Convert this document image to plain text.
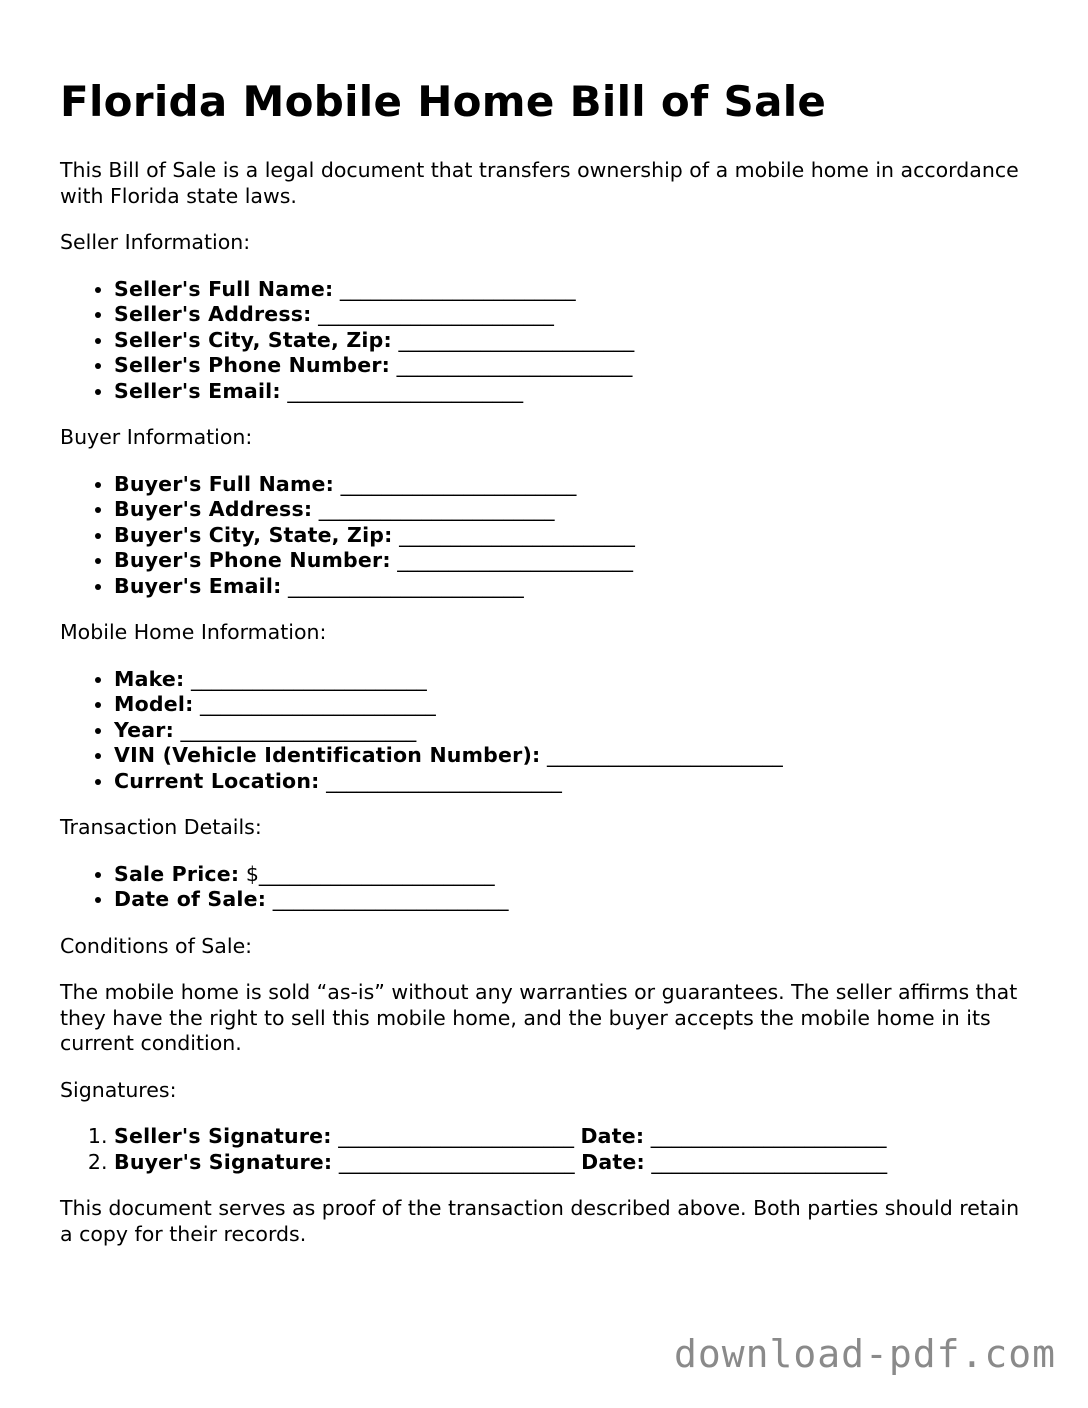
Florida Mobile Home Bill of Sale

This Bill of Sale is a legal document that transfers ownership of a mobile home in accordance with Florida state laws.

Seller Information:

• Seller's Full Name: _______________________
• Seller's Address: _______________________
• Seller's City, State, Zip: _______________________
• Seller's Phone Number: _______________________
• Seller's Email: _______________________

Buyer Information:

• Buyer's Full Name: _______________________
• Buyer's Address: _______________________
• Buyer's City, State, Zip: _______________________
• Buyer's Phone Number: _______________________
• Buyer's Email: _______________________

Mobile Home Information:

• Make: _______________________
• Model: _______________________
• Year: _______________________
• VIN (Vehicle Identification Number): _______________________
• Current Location: _______________________

Transaction Details:

• Sale Price: $_______________________
• Date of Sale: _______________________

Conditions of Sale:

The mobile home is sold “as-is” without any warranties or guarantees. The seller affirms that they have the right to sell this mobile home, and the buyer accepts the mobile home in its current condition.

Signatures:

1. Seller's Signature: _______________________ Date: _______________________
2. Buyer's Signature: _______________________ Date: _______________________

This document serves as proof of the transaction described above. Both parties should retain a copy for their records.

download-pdf.com
